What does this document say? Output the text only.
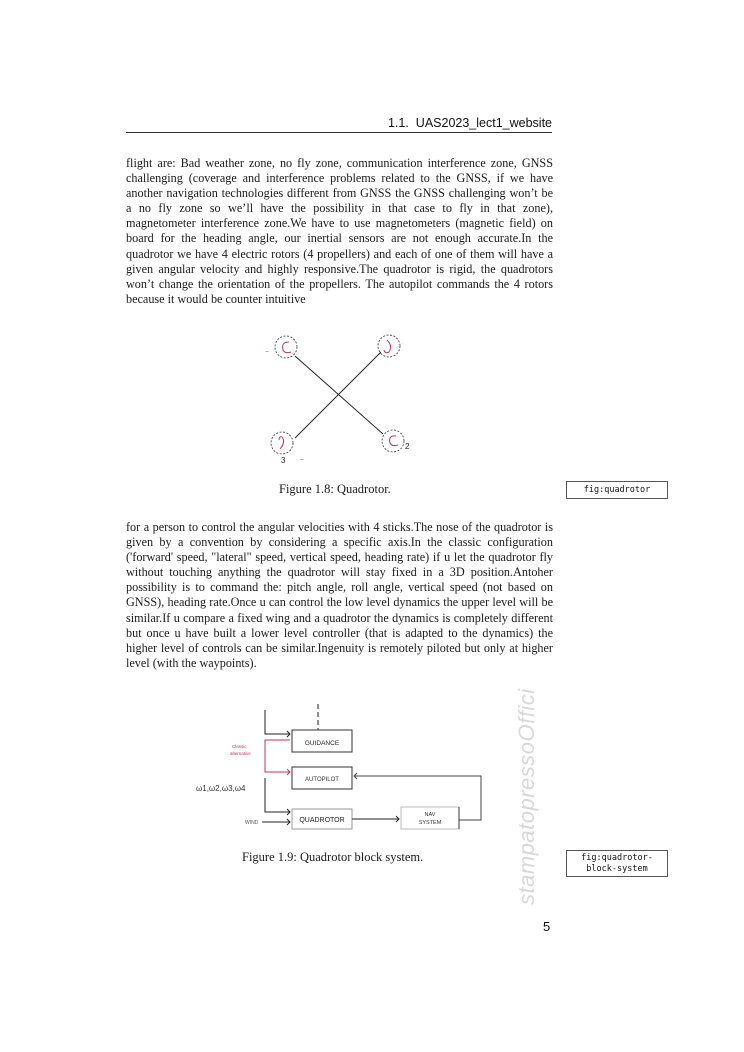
1.1. UAS2023_lect1_website

flight are: Bad weather zone, no fly zone, communication interference zone, GNSS challenging (coverage and interference problems related to the GNSS, if we have another navigation technologies different from GNSS the GNSS challenging won’t be a no fly zone so we’ll have the possibility in that case to fly in that zone), magnetometer interference zone.We have to use magnetometers (magnetic field) on board for the heading angle, our inertial sensors are not enough accurate.In the quadrotor we have 4 electric rotors (4 propellers) and each of one of them will have a given angular velocity and highly responsive.The quadrotor is rigid, the quadrotors won’t change the orientation of the propellers. The autopilot commands the 4 rotors because it would be counter intuitive

2
3
~
~
..
Figure 1.8: Quadrotor.	fig:quadrotor

for a person to control the angular velocities with 4 sticks.The nose of the quadrotor is given by a convention by considering a specific axis.In the classic configuration ('forward' speed, "lateral" speed, vertical speed, heading rate) if u let the quadrotor fly without touching anything the quadrotor will stay fixed in a 3D position.Antoher possibility is to command the: pitch angle, roll angle, vertical speed (not based on GNSS), heading rate.Once u can control the low level dynamics the upper level will be similar.If u compare a fixed wing and a quadrotor the dynamics is completely different but once u have built a lower level controller (that is adapted to the dynamics) the higher level of controls can be similar.Ingenuity is remotely piloted but only at higher level (with the waypoints).

GUIDANCE
Classic
alternative
AUTOPILOT
ω1,ω2,ω3,ω4
QUADROTOR
WIND
NAV
SYSTEM
Figure 1.9: Quadrotor block system.	fig:quadrotor-
block-system
stampatopressoOffici
5
